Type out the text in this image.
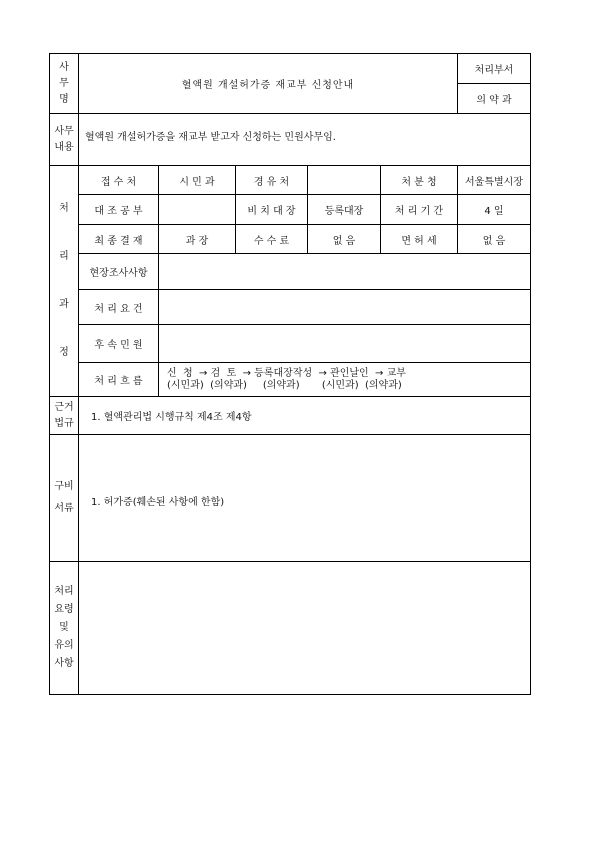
사
무
명	혈액원 개설허가증 재교부 신청안내					처리부서
						의 약 과

사무
내용	혈액원 개설허가증을 재교부 받고자 신청하는 민원사무임.					

처
리
과
정	접 수 처	시 민 과	경 유 처		처 분 청	서울특별시장
	대 조 공 부		비 치 대 장	등록대장	처 리 기 간	4 일
	최 종 결 재	과 장	수 수 료	없 음	면 허 세	없 음
	현장조사사항					
	처 리 요 건					
	후 속 민 원					
	처 리 흐 름	신  청  → 검  토  → 등록대장작성  → 관인날인  → 교부
(시민과)  (의약과)     (의약과)       (시민과)  (의약과)				

근거
법규	1. 혈액관리법 시행규칙 제4조 제4항					

구비
서류	1. 허가증(훼손된 사항에 한함)					

처리
요령
및
유의
사항						
